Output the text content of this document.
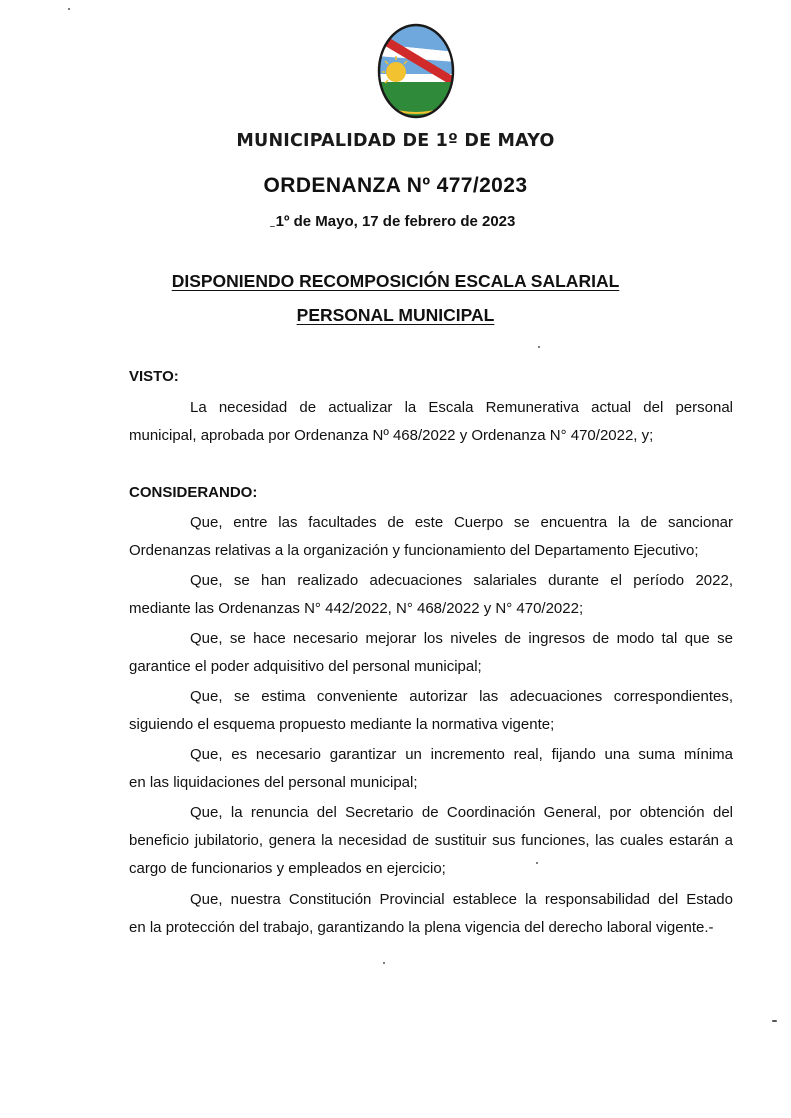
MUNICIPALIDAD DE 1º DE MAYO
ORDENANZA Nº 477/2023
1º de Mayo, 17 de febrero de 2023
DISPONIENDO RECOMPOSICIÓN ESCALA SALARIAL
PERSONAL MUNICIPAL
VISTO:
La necesidad de actualizar la Escala Remunerativa actual del personal
municipal, aprobada por Ordenanza Nº 468/2022 y Ordenanza N° 470/2022, y;
CONSIDERANDO:
Que, entre las facultades de este Cuerpo se encuentra la de sancionar
Ordenanzas relativas a la organización y funcionamiento del Departamento Ejecutivo;
Que, se han realizado adecuaciones salariales durante el período 2022,
mediante las Ordenanzas N° 442/2022, N° 468/2022 y N° 470/2022;
Que, se hace necesario mejorar los niveles de ingresos de modo tal que se
garantice el poder adquisitivo del personal municipal;
Que, se estima conveniente autorizar las adecuaciones correspondientes,
siguiendo el esquema propuesto mediante la normativa vigente;
Que, es necesario garantizar un incremento real, fijando una suma mínima
en las liquidaciones del personal municipal;
Que, la renuncia del Secretario de Coordinación General, por obtención del
beneficio jubilatorio, genera la necesidad de sustituir sus funciones, las cuales estarán a cargo de funcionarios y empleados en ejercicio;
Que, nuestra Constitución Provincial establece la responsabilidad del Estado
en la protección del trabajo, garantizando la plena vigencia del derecho laboral vigente.-
